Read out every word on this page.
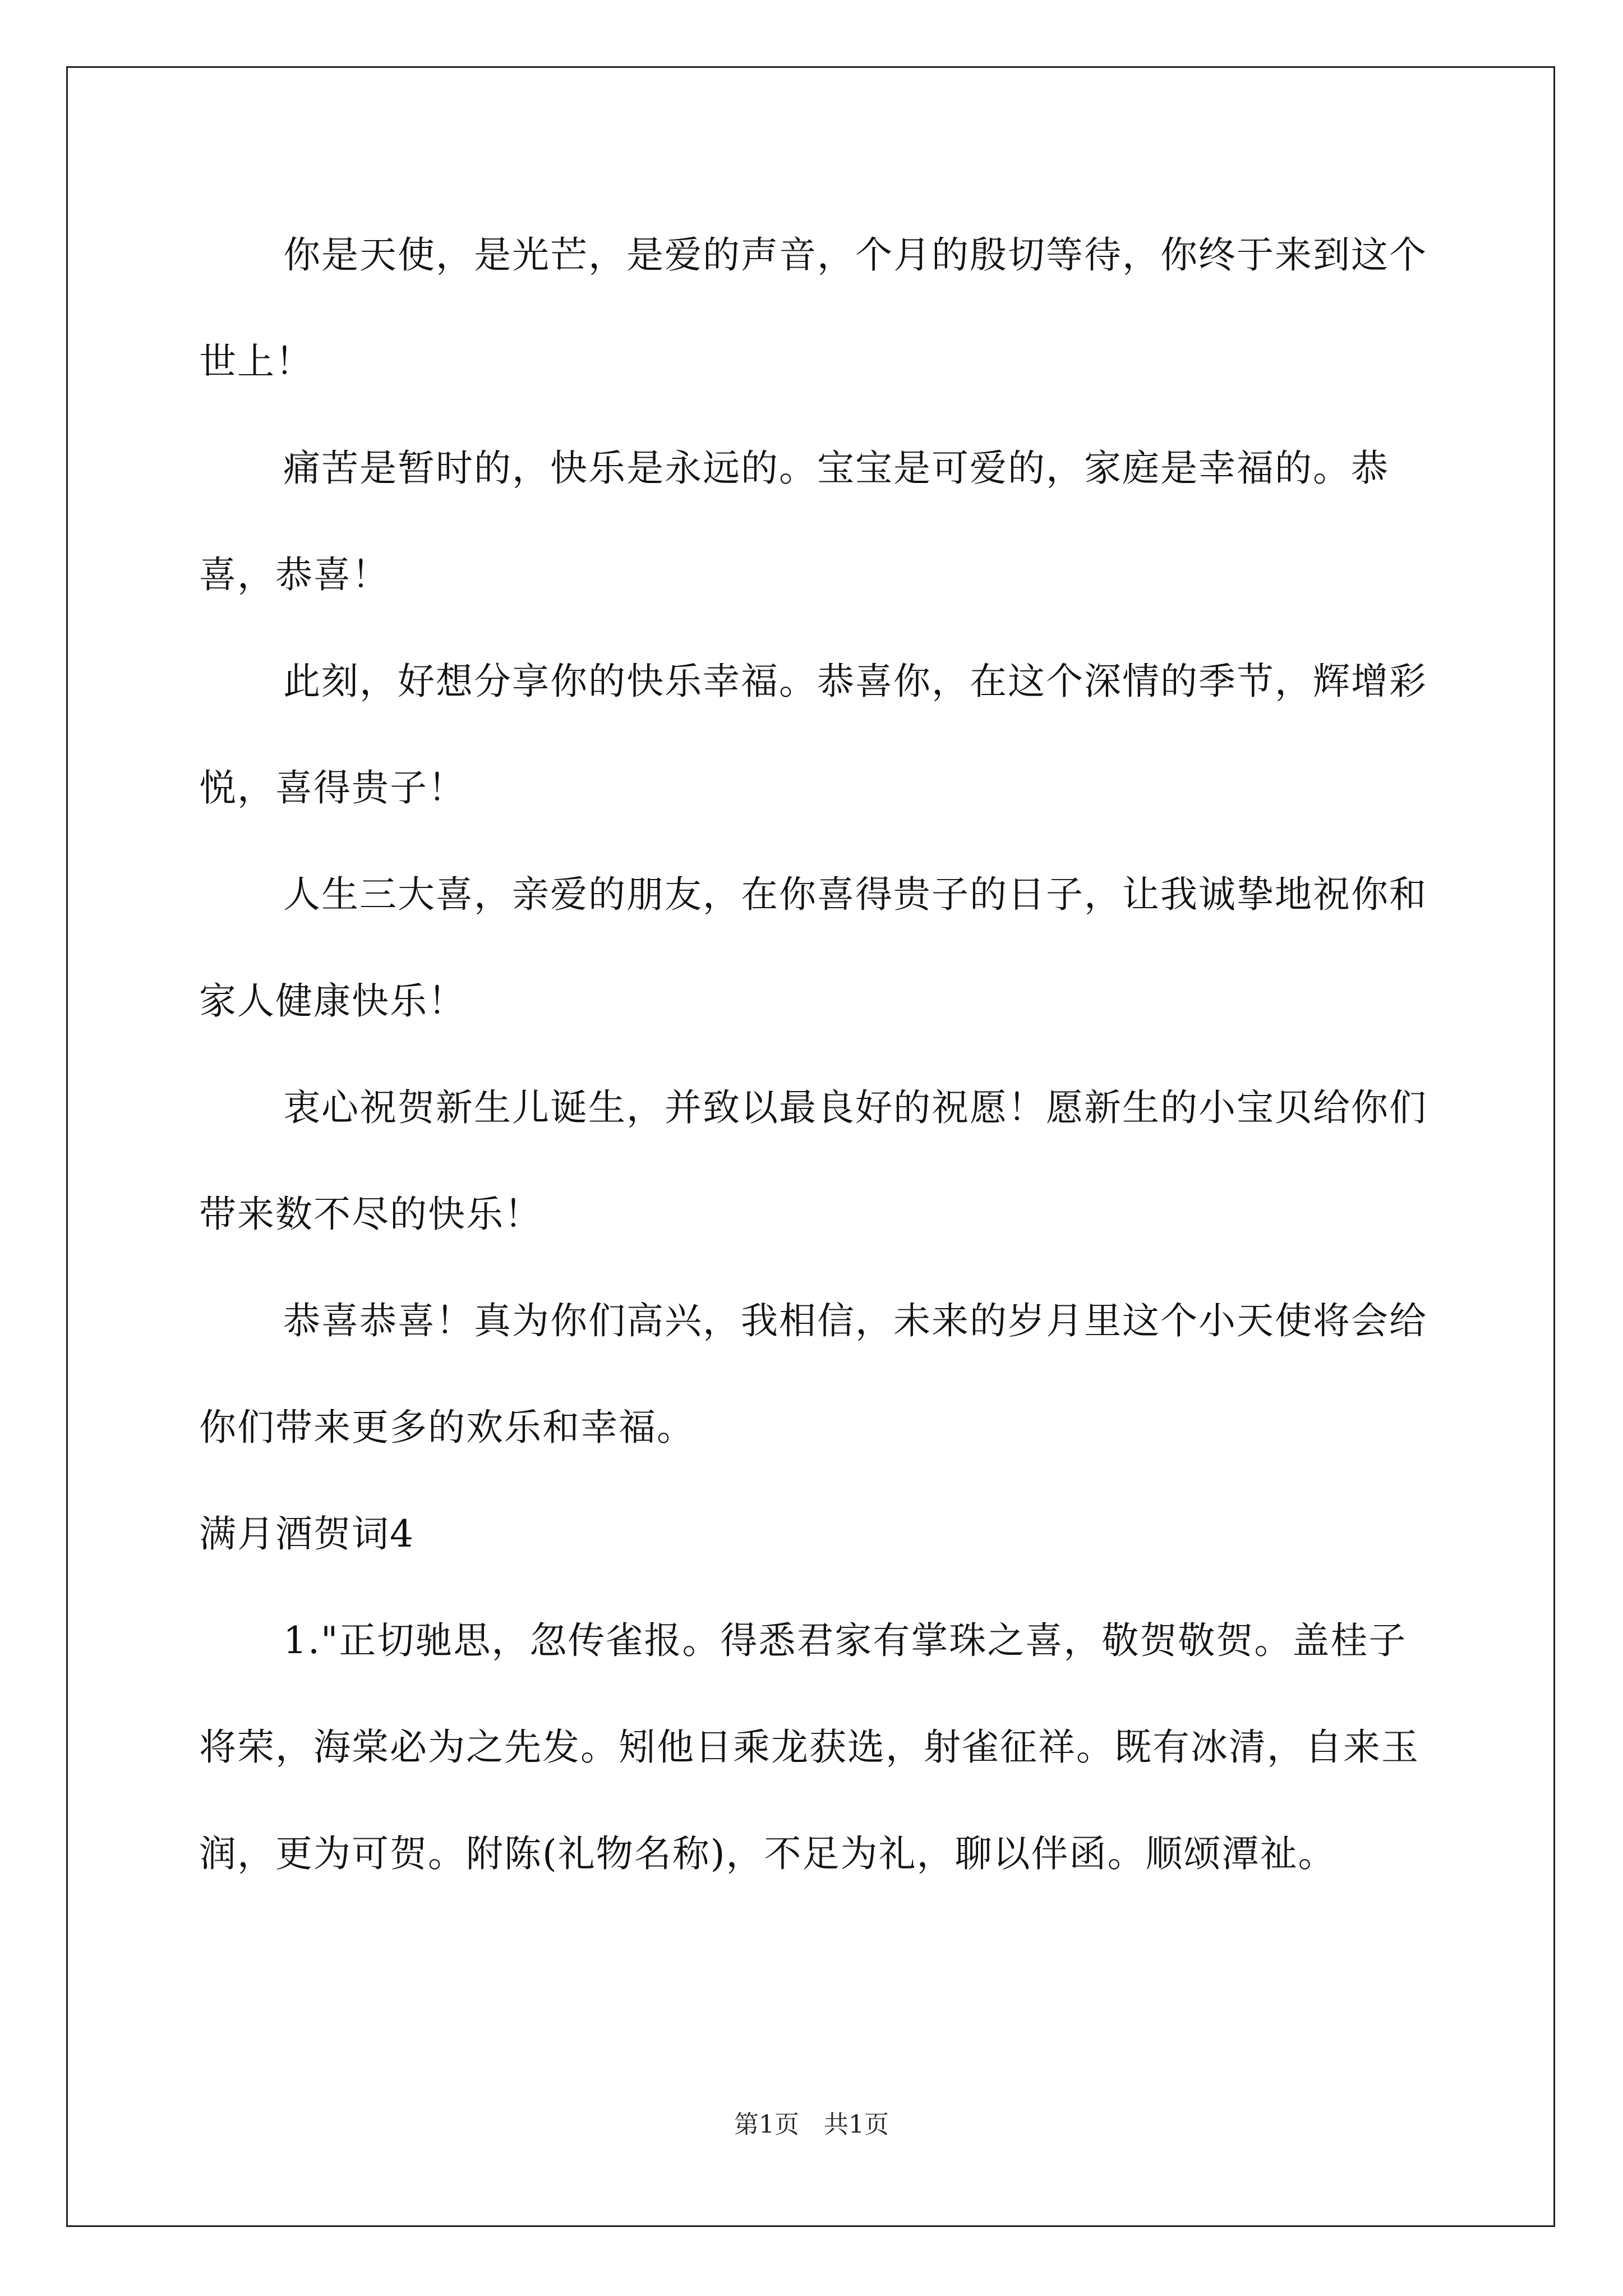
你是天使，是光芒，是爱的声音，个月的殷切等待，你终于来到这个世上！

痛苦是暂时的，快乐是永远的。宝宝是可爱的，家庭是幸福的。恭喜，恭喜！

此刻，好想分享你的快乐幸福。恭喜你，在这个深情的季节，辉增彩悦，喜得贵子！

人生三大喜，亲爱的朋友，在你喜得贵子的日子，让我诚挚地祝你和家人健康快乐！

衷心祝贺新生儿诞生，并致以最良好的祝愿！愿新生的小宝贝给你们带来数不尽的快乐！

恭喜恭喜！真为你们高兴，我相信，未来的岁月里这个小天使将会给你们带来更多的欢乐和幸福。

满月酒贺词4

1."正切驰思，忽传雀报。得悉君家有掌珠之喜，敬贺敬贺。盖桂子将荣，海棠必为之先发。矧他日乘龙获选，射雀征祥。既有冰清，自来玉润，更为可贺。附陈(礼物名称)，不足为礼，聊以伴函。顺颂潭祉。

第1页　共1页
